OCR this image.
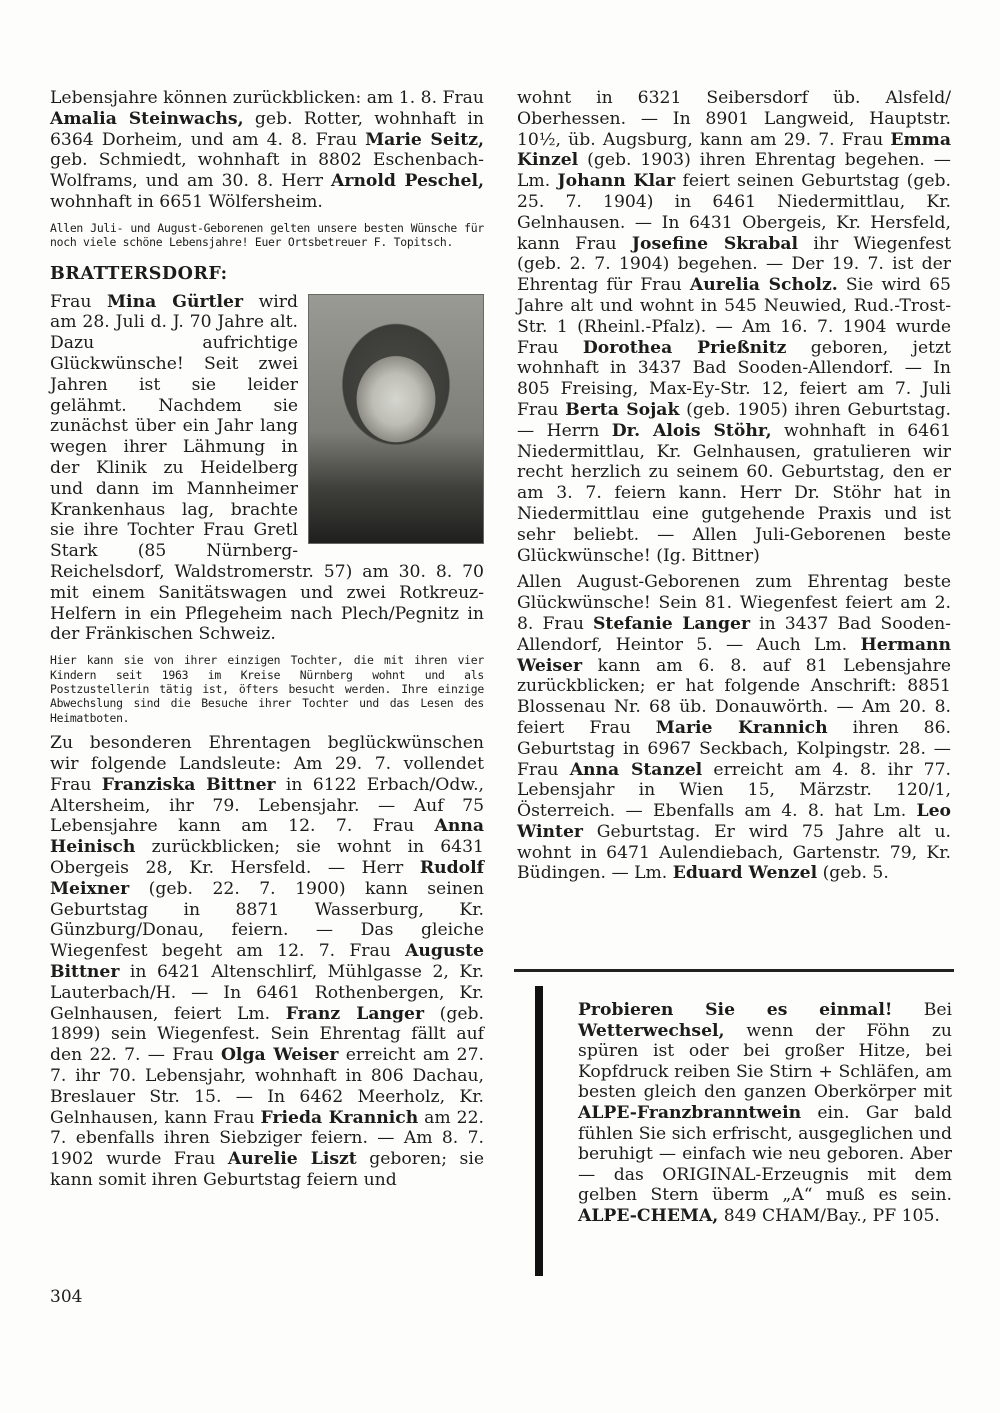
Lebensjahre können zurückblicken: am 1. 8. Frau Amalia Steinwachs, geb. Rotter, wohnhaft in 6364 Dorheim, und am 4. 8. Frau Marie Seitz, geb. Schmiedt, wohnhaft in 8802 Eschenbach-Wolframs, und am 30. 8. Herr Arnold Peschel, wohnhaft in 6651 Wölfersheim.

Allen Juli- und August-Geborenen gelten unsere besten Wünsche für noch viele schöne Lebensjahre! Euer Ortsbetreuer F. Topitsch.

BRATTERSDORF:

Frau Mina Gürtler wird am 28. Juli d. J. 70 Jahre alt. Dazu aufrichtige Glückwünsche! Seit zwei Jahren ist sie leider gelähmt. Nachdem sie zunächst über ein Jahr lang wegen ihrer Lähmung in der Klinik zu Heidelberg und dann im Mannheimer Krankenhaus lag, brachte sie ihre Tochter Frau Gretl Stark (85 Nürnberg-Reichelsdorf, Waldstromerstr. 57) am 30. 8. 70 mit einem Sanitätswagen und zwei Rotkreuz-Helfern in ein Pflegeheim nach Plech/Pegnitz in der Fränkischen Schweiz.

Hier kann sie von ihrer einzigen Tochter, die mit ihren vier Kindern seit 1963 im Kreise Nürnberg wohnt und als Postzustellerin tätig ist, öfters besucht werden. Ihre einzige Abwechslung sind die Besuche ihrer Tochter und das Lesen des Heimatboten.

Zu besonderen Ehrentagen beglückwünschen wir folgende Landsleute: Am 29. 7. vollendet Frau Franziska Bittner in 6122 Erbach/Odw., Altersheim, ihr 79. Lebensjahr. — Auf 75 Lebensjahre kann am 12. 7. Frau Anna Heinisch zurückblicken; sie wohnt in 6431 Obergeis 28, Kr. Hersfeld. — Herr Rudolf Meixner (geb. 22. 7. 1900) kann seinen Geburtstag in 8871 Wasserburg, Kr. Günzburg/Donau, feiern. — Das gleiche Wiegenfest begeht am 12. 7. Frau Auguste Bittner in 6421 Altenschlirf, Mühlgasse 2, Kr. Lauterbach/H. — In 6461 Rothenbergen, Kr. Gelnhausen, feiert Lm. Franz Langer (geb. 1899) sein Wiegenfest. Sein Ehrentag fällt auf den 22. 7. — Frau Olga Weiser erreicht am 27. 7. ihr 70. Lebensjahr, wohnhaft in 806 Dachau, Breslauer Str. 15. — In 6462 Meerholz, Kr. Gelnhausen, kann Frau Frieda Krannich am 22. 7. ebenfalls ihren Siebziger feiern. — Am 8. 7. 1902 wurde Frau Aurelie Liszt geboren; sie kann somit ihren Geburtstag feiern und

wohnt in 6321 Seibersdorf üb. Alsfeld/ Oberhessen. — In 8901 Langweid, Hauptstr. 10½, üb. Augsburg, kann am 29. 7. Frau Emma Kinzel (geb. 1903) ihren Ehrentag begehen. — Lm. Johann Klar feiert seinen Geburtstag (geb. 25. 7. 1904) in 6461 Niedermittlau, Kr. Gelnhausen. — In 6431 Obergeis, Kr. Hersfeld, kann Frau Josefine Skrabal ihr Wiegenfest (geb. 2. 7. 1904) begehen. — Der 19. 7. ist der Ehrentag für Frau Aurelia Scholz. Sie wird 65 Jahre alt und wohnt in 545 Neuwied, Rud.-Trost-Str. 1 (Rheinl.-Pfalz). — Am 16. 7. 1904 wurde Frau Dorothea Prießnitz geboren, jetzt wohnhaft in 3437 Bad Sooden-Allendorf. — In 805 Freising, Max-Ey-Str. 12, feiert am 7. Juli Frau Berta Sojak (geb. 1905) ihren Geburtstag. — Herrn Dr. Alois Stöhr, wohnhaft in 6461 Niedermittlau, Kr. Gelnhausen, gratulieren wir recht herzlich zu seinem 60. Geburtstag, den er am 3. 7. feiern kann. Herr Dr. Stöhr hat in Niedermittlau eine gutgehende Praxis und ist sehr beliebt. — Allen Juli-Geborenen beste Glückwünsche! (Ig. Bittner)

Allen August-Geborenen zum Ehrentag beste Glückwünsche! Sein 81. Wiegenfest feiert am 2. 8. Frau Stefanie Langer in 3437 Bad Sooden-Allendorf, Heintor 5. — Auch Lm. Hermann Weiser kann am 6. 8. auf 81 Lebensjahre zurückblicken; er hat folgende Anschrift: 8851 Blossenau Nr. 68 üb. Donauwörth. — Am 20. 8. feiert Frau Marie Krannich ihren 86. Geburtstag in 6967 Seckbach, Kolpingstr. 28. — Frau Anna Stanzel erreicht am 4. 8. ihr 77. Lebensjahr in Wien 15, Märzstr. 120/1, Österreich. — Ebenfalls am 4. 8. hat Lm. Leo Winter Geburtstag. Er wird 75 Jahre alt u. wohnt in 6471 Aulendiebach, Gartenstr. 79, Kr. Büdingen. — Lm. Eduard Wenzel (geb. 5.

Probieren Sie es einmal! Bei Wetterwechsel, wenn der Föhn zu spüren ist oder bei großer Hitze, bei Kopfdruck reiben Sie Stirn + Schläfen, am besten gleich den ganzen Oberkörper mit ALPE-Franzbranntwein ein. Gar bald fühlen Sie sich erfrischt, ausgeglichen und beruhigt — einfach wie neu geboren. Aber — das ORIGINAL-Erzeugnis mit dem gelben Stern überm „A“ muß es sein. ALPE-CHEMA, 849 CHAM/Bay., PF 105.

304
